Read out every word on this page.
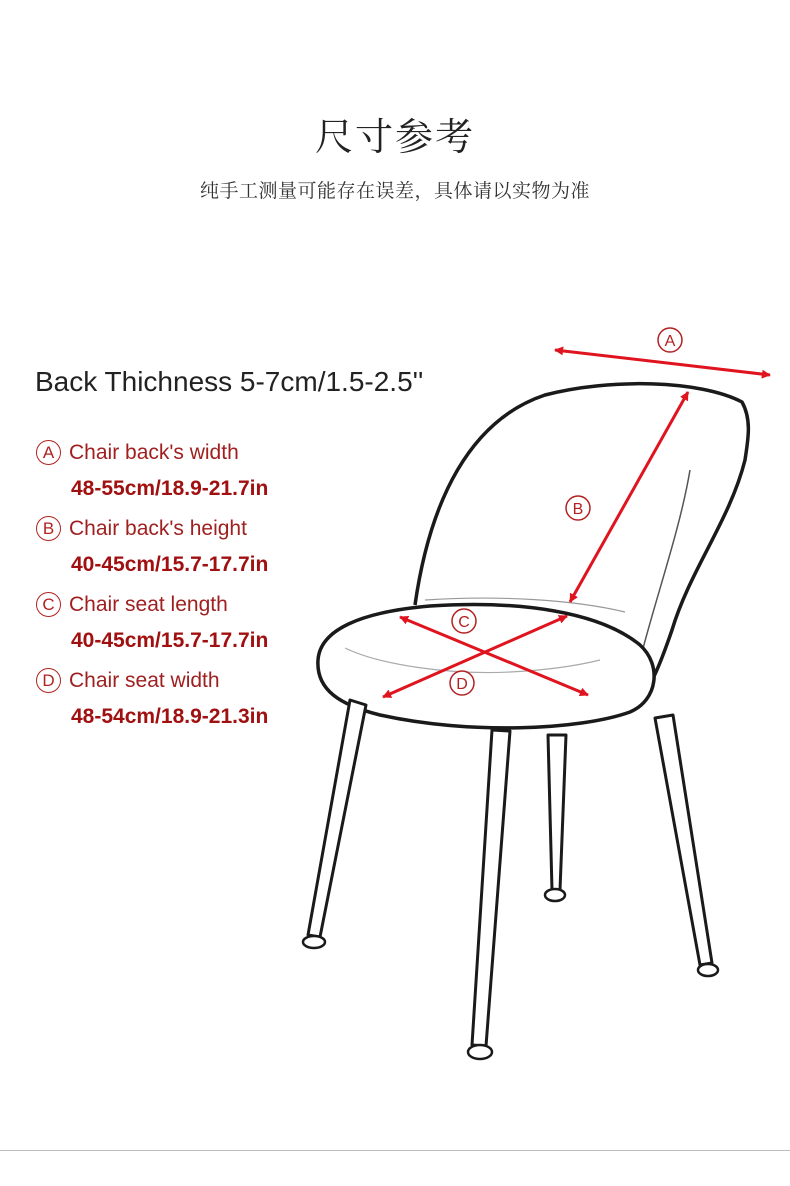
尺寸参考
纯手工测量可能存在误差，具体请以实物为准
Back Thichness 5-7cm/1.5-2.5''
A Chair back's width
48-55cm/18.9-21.7in
B Chair back's height
40-45cm/15.7-17.7in
C Chair seat length
40-45cm/15.7-17.7in
D Chair seat width
48-54cm/18.9-21.3in
A
B
C
D
